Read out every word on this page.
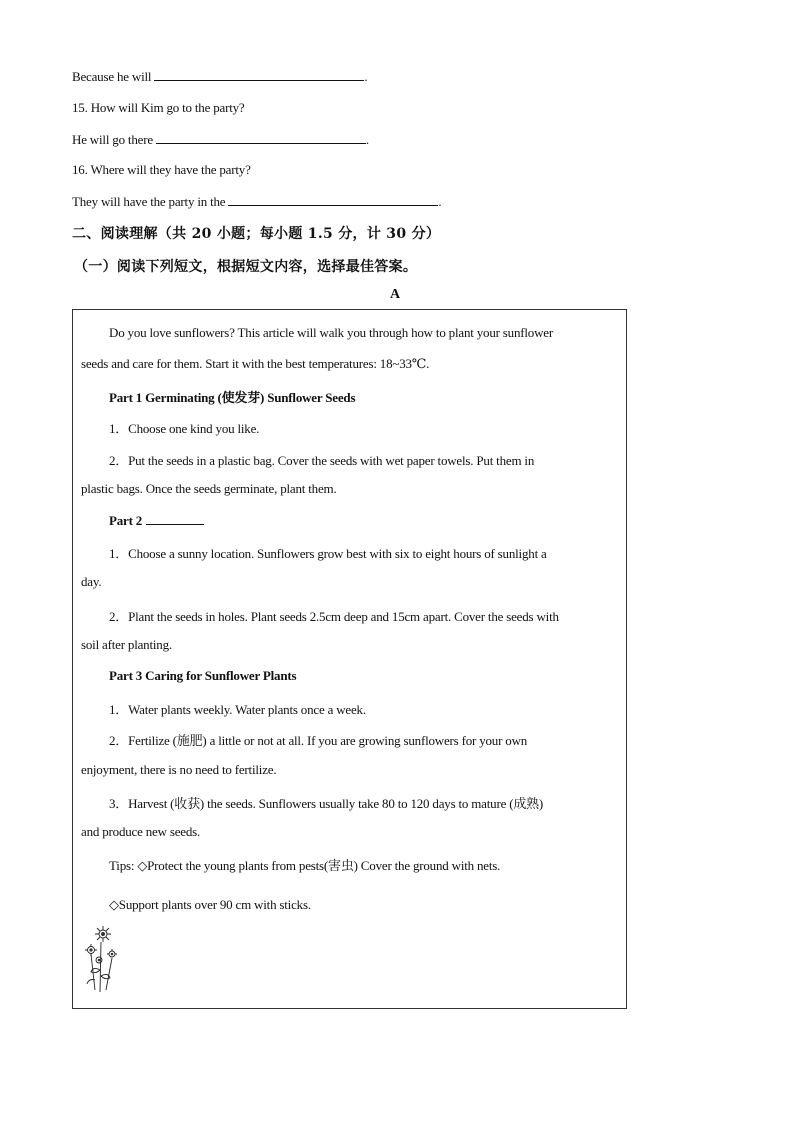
Because he will	.
15. How will Kim go to the party?
He will go there	.
16. Where will they have the party?
They will have the party in the	.
二、阅读理解（共 20 小题；每小题 1.5 分，计 30 分）
（一）阅读下列短文，根据短文内容，选择最佳答案。
A
Do you love sunflowers? This article will walk you through how to plant your sunflower
seeds and care for them. Start it with the best temperatures: 18~33℃.
Part 1 Germinating (使发芽) Sunflower Seeds
1．Choose one kind you like.
2．Put the seeds in a plastic bag. Cover the seeds with wet paper towels. Put them in
plastic bags. Once the seeds germinate, plant them.
Part 2
1．Choose a sunny location. Sunflowers grow best with six to eight hours of sunlight a
day.
2．Plant the seeds in holes. Plant seeds 2.5cm deep and 15cm apart. Cover the seeds with
soil after planting.
Part 3 Caring for Sunflower Plants
1．Water plants weekly. Water plants once a week.
2．Fertilize (施肥) a little or not at all. If you are growing sunflowers for your own
enjoyment, there is no need to fertilize.
3．Harvest (收获) the seeds. Sunflowers usually take 80 to 120 days to mature (成熟)
and produce new seeds.
Tips: ◇Protect the young plants from pests(害虫) Cover the ground with nets.
◇Support plants over 90 cm with sticks.
